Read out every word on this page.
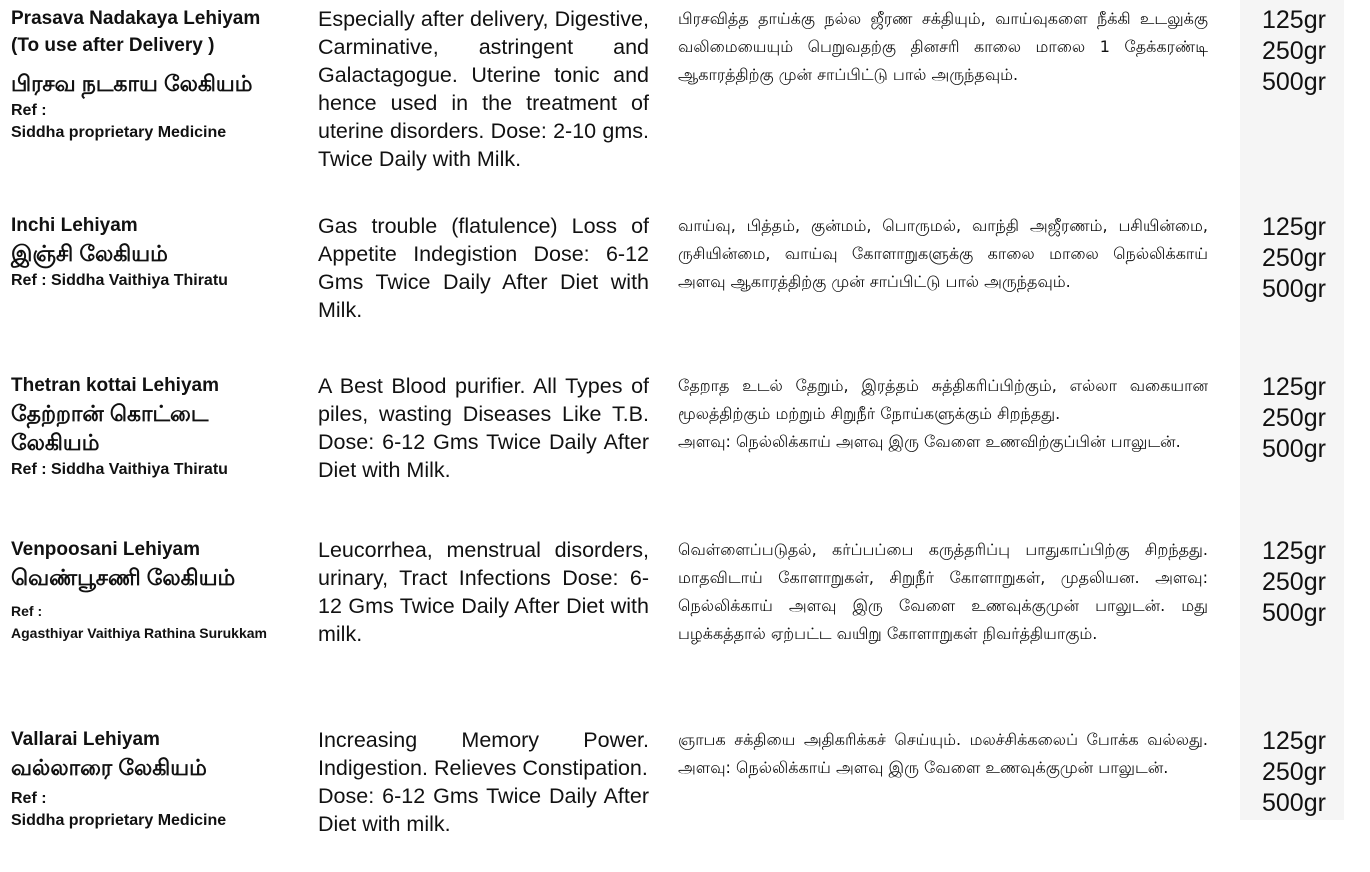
Prasava Nadakaya Lehiyam

(To use after Delivery )

பிரசவ நடகாய லேகியம்

Ref :

Siddha proprietary Medicine

Especially after delivery, Digestive, Carminative, astringent and Galactagogue. Uterine tonic and hence used in the treatment of uterine disorders. Dose: 2-10 gms. Twice Daily with Milk.

பிரசவித்த தாய்க்கு நல்ல ஜீரண சக்தியும், வாய்வுகளை நீக்கி உடலுக்கு வலிமையையும் பெறுவதற்கு தினசரி காலை மாலை 1 தேக்கரண்டி ஆகாரத்திற்கு முன் சாப்பிட்டு பால் அருந்தவும்.

125gr
250gr
500gr

Inchi Lehiyam

இஞ்சி லேகியம்

Ref : Siddha Vaithiya Thiratu

Gas trouble (flatulence) Loss of Appetite Indegistion Dose: 6-12 Gms Twice Daily After Diet with Milk.

வாய்வு, பித்தம், குன்மம், பொருமல், வாந்தி அஜீரணம், பசியின்மை, ருசியின்மை, வாய்வு கோளாறுகளுக்கு காலை மாலை நெல்லிக்காய் அளவு ஆகாரத்திற்கு முன் சாப்பிட்டு பால் அருந்தவும்.

125gr
250gr
500gr

Thetran kottai Lehiyam

தேற்றான் கொட்டை

லேகியம்

Ref : Siddha Vaithiya Thiratu

A Best Blood purifier. All Types of piles, wasting Diseases Like T.B. Dose: 6-12 Gms Twice Daily After Diet with Milk.

தேறாத உடல் தேறும், இரத்தம் சுத்திகரிப்பிற்கும், எல்லா வகையான மூலத்திற்கும் மற்றும் சிறுநீர் நோய்களுக்கும் சிறந்தது.
அளவு: நெல்லிக்காய் அளவு இரு வேளை உணவிற்குப்பின் பாலுடன்.
125gr
250gr
500gr

Venpoosani Lehiyam

வெண்பூசணி லேகியம்

Ref :

Agasthiyar Vaithiya Rathina Surukkam

Leucorrhea, menstrual disorders, urinary, Tract Infections Dose: 6-12 Gms Twice Daily After Diet with milk.

வெள்ளைப்படுதல், கர்ப்பப்பை கருத்தரிப்பு பாதுகாப்பிற்கு சிறந்தது. மாதவிடாய் கோளாறுகள், சிறுநீர் கோளாறுகள், முதலியன. அளவு: நெல்லிக்காய் அளவு இரு வேளை உணவுக்குமுன் பாலுடன். மது பழக்கத்தால் ஏற்பட்ட வயிறு கோளாறுகள் நிவர்த்தியாகும்.

125gr
250gr
500gr

Vallarai Lehiyam

வல்லாரை லேகியம்

Ref :

Siddha proprietary Medicine

Increasing Memory Power. Indigestion. Relieves Constipation.
Dose: 6-12 Gms Twice Daily After Diet with milk.

ஞாபக சக்தியை அதிகரிக்கச் செய்யும். மலச்சிக்கலைப் போக்க வல்லது. அளவு: நெல்லிக்காய் அளவு இரு வேளை உணவுக்குமுன் பாலுடன்.

125gr
250gr
500gr
